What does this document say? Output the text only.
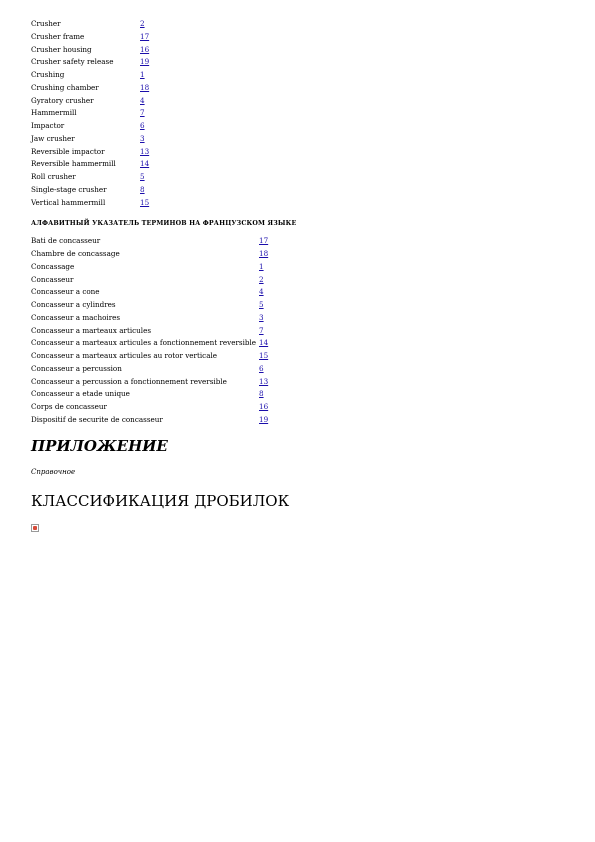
Crusher	2
Crusher frame	17
Crusher housing	16
Crusher safety release	19
Crushing	1
Crushing chamber	18
Gyratory crusher	4
Hammermill	7
Impactor	6
Jaw crusher	3
Reversible impactor	13
Reversible hammermill	14
Roll crusher	5
Single-stage crusher	8
Vertical hammermill	15
АЛФАВИТНЫЙ УКАЗАТЕЛЬ ТЕРМИНОВ НА ФРАНЦУЗСКОМ ЯЗЫКЕ
Bati de concasseur	17
Chambre de concassage	18
Concassage	1
Concasseur	2
Concasseur a cone	4
Concasseur a cylindres	5
Concasseur a machoires	3
Concasseur a marteaux articules	7
Concasseur a marteaux articules a fonctionnement reversible	14
Concasseur a marteaux articules au rotor verticale	15
Concasseur a percussion	6
Concasseur a percussion a fonctionnement reversible	13
Concasseur a etade unique	8
Corps de concasseur	16
Dispositif de securite de concasseur	19
ПРИЛОЖЕНИЕ
Справочное
КЛАССИФИКАЦИЯ ДРОБИЛОК
